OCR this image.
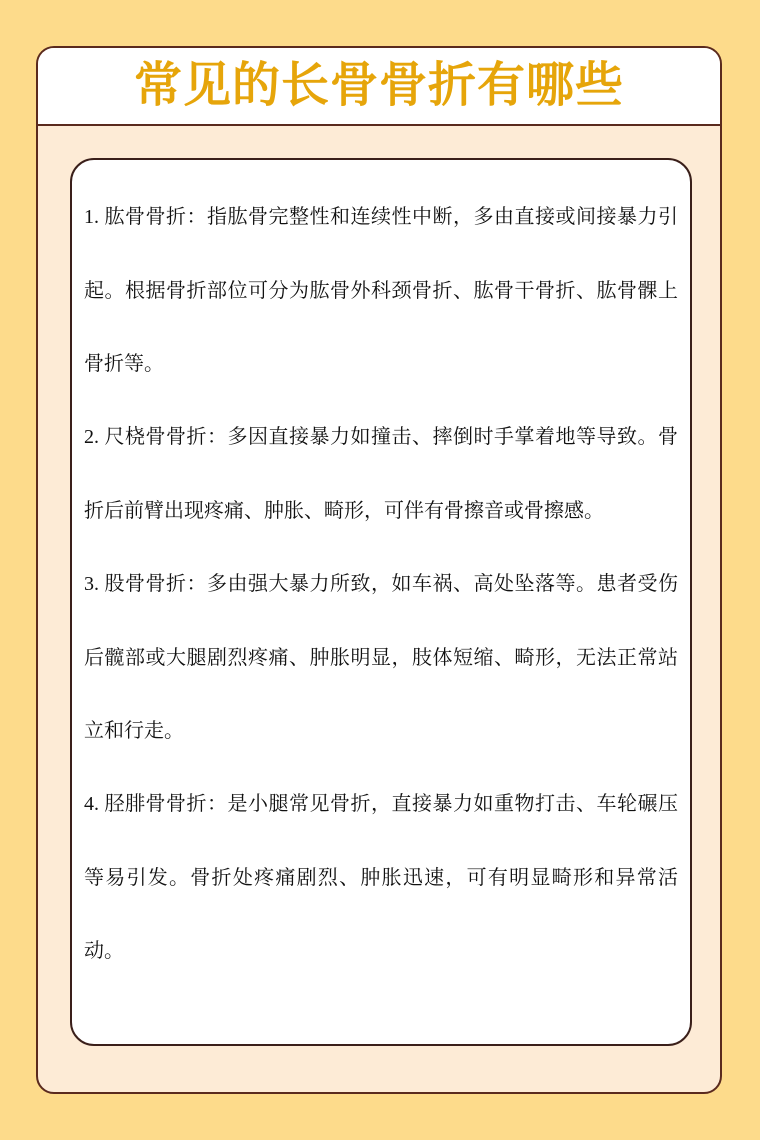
常见的长骨骨折有哪些

1. 肱骨骨折：指肱骨完整性和连续性中断，多由直接或间接暴力引起。根据骨折部位可分为肱骨外科颈骨折、肱骨干骨折、肱骨髁上骨折等。

2. 尺桡骨骨折：多因直接暴力如撞击、摔倒时手掌着地等导致。骨折后前臂出现疼痛、肿胀、畸形，可伴有骨擦音或骨擦感。

3. 股骨骨折：多由强大暴力所致，如车祸、高处坠落等。患者受伤后髋部或大腿剧烈疼痛、肿胀明显，肢体短缩、畸形，无法正常站立和行走。

4. 胫腓骨骨折：是小腿常见骨折，直接暴力如重物打击、车轮碾压等易引发。骨折处疼痛剧烈、肿胀迅速，可有明显畸形和异常活动。
